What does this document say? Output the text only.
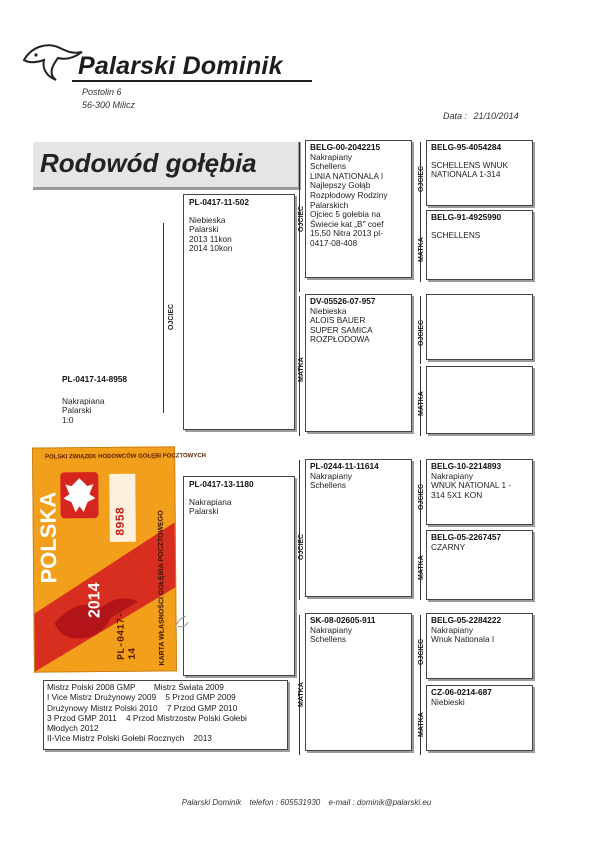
Palarski Dominik
Postolin 6
56-300 Milicz
Data : 21/10/2014
Rodowód gołębia
OJCIEC
OJCIEC
MATKA
OJCIEC
MATKA
OJCIEC
MATKA
OJCIEC
MATKA
OJCIEC
MATKA
OJCIEC
MATKA
PL-0417-14-8958
Nakrapiana
Palarski
1:0
PL-0417-11-502
Niebieska
Palarski
2013 11kon
2014 10kon
PL-0417-13-1180
Nakrapiana
Palarski
BELG-00-2042215
Nakrapiany
Schellens
LINIA NATIONALA I
Najlepszy Gołąb
Rozpłodowy Rodziny
Palarskich
Ojciec 5 gołebia na
Świecie kat „B" coef
15,50 Nitra 2013 pl-
0417-08-408
DV-05526-07-957
Niebieska
ALOIS BAUER
SUPER SAMICA
ROZPŁODOWA
PL-0244-11-11614
Nakrapiany
Schellens
SK-08-02605-911
Nakrapiany
Schellens
BELG-95-4054284
SCHELLENS WNUK
NATIONALA 1-314
BELG-91-4925990
SCHELLENS
BELG-10-2214893
Nakrapiany
WNUK NATIONAL 1 -
314 5X1 KON
BELG-05-2267457
CZARNY
BELG-05-2284222
Nakrapiany
Wnuk Nationala I
CZ-06-0214-687
Niebieski
POLSKI ZWIĄZEK HODOWCÓW GOŁĘBI POCZTOWYCH
POLSKA
2014
PL-0417-14
8958	KARTA WŁASNOŚCI GOŁĘBIA POCZTOWEGO
Mistrz Polski 2008 GMP        Mistrz Świata 2009
I Vice Mistrz Drużynowy 2009    5 Przod GMP 2009
Drużynowy Mistrz Polski 2010    7 Przod GMP 2010
3 Przod GMP 2011    4 Przod Mistrzostw Polski Gołebi
Młodych 2012
II-Vice Mistrz Polski Gołebi Rocznych    2013
Palarski Dominik telefon : 605531930 e-mail : dominik@palarski.eu
